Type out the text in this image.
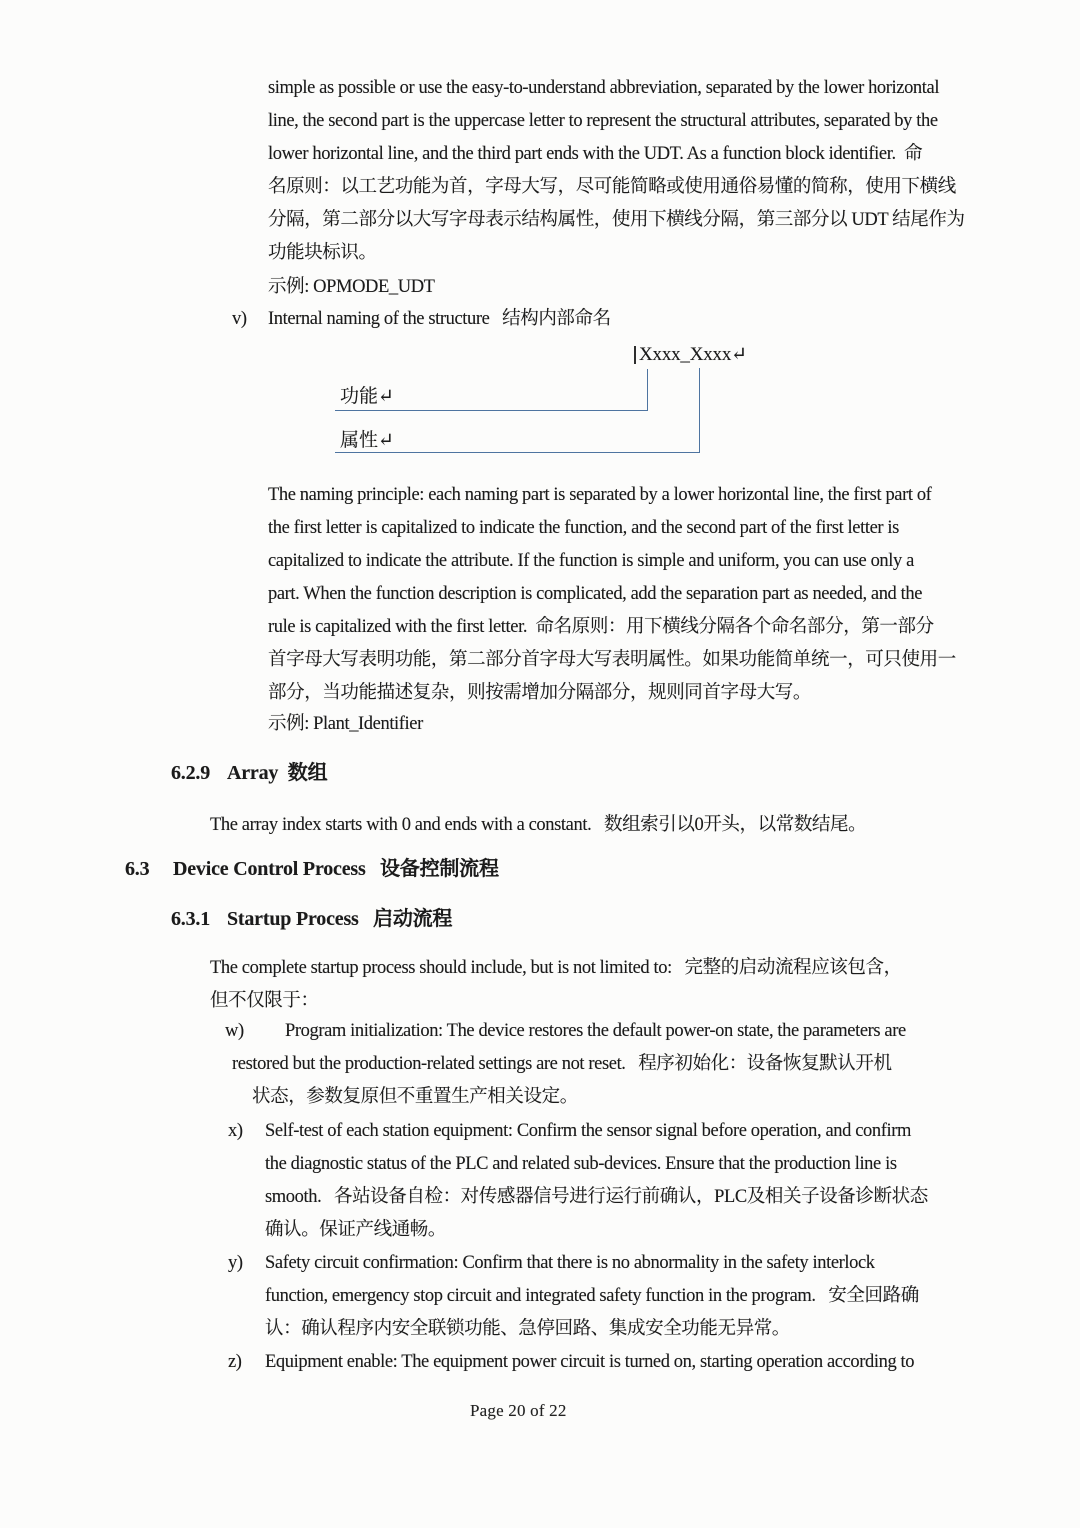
simple as possible or use the easy-to-understand abbreviation, separated by the lower horizontal
line, the second part is the uppercase letter to represent the structural attributes, separated by the
lower horizontal line, and the third part ends with the UDT. As a function block identifier.  命
名原则：以工艺功能为首，字母大写，尽可能简略或使用通俗易懂的简称，使用下横线
分隔，第二部分以大写字母表示结构属性，使用下横线分隔，第三部分以 UDT 结尾作为
功能块标识。
示例: OPMODE_UDT
v) Internal naming of the structure   结构内部命名
Xxxx_Xxxx↵
功能↵
属性↵
The naming principle: each naming part is separated by a lower horizontal line, the first part of
the first letter is capitalized to indicate the function, and the second part of the first letter is
capitalized to indicate the attribute. If the function is simple and uniform, you can use only a
part. When the function description is complicated, add the separation part as needed, and the
rule is capitalized with the first letter.  命名原则：用下横线分隔各个命名部分，第一部分
首字母大写表明功能，第二部分首字母大写表明属性。如果功能简单统一，可只使用一
部分，当功能描述复杂，则按需增加分隔部分，规则同首字母大写。
示例: Plant_Identifier
6.2.9 Array  数组
The array index starts with 0 and ends with a constant.   数组索引以0开头，以常数结尾。
6.3 Device Control Process   设备控制流程
6.3.1 Startup Process   启动流程
The complete startup process should include, but is not limited to:   完整的启动流程应该包含，
但不仅限于：
w) Program initialization: The device restores the default power-on state, the parameters are
restored but the production-related settings are not reset.   程序初始化：设备恢复默认开机
状态，参数复原但不重置生产相关设定。
x) Self-test of each station equipment: Confirm the sensor signal before operation, and confirm
the diagnostic status of the PLC and related sub-devices. Ensure that the production line is
smooth.   各站设备自检：对传感器信号进行运行前确认，PLC及相关子设备诊断状态
确认。保证产线通畅。
y) Safety circuit confirmation: Confirm that there is no abnormality in the safety interlock
function, emergency stop circuit and integrated safety function in the program.   安全回路确
认：确认程序内安全联锁功能、急停回路、集成安全功能无异常。
z) Equipment enable: The equipment power circuit is turned on, starting operation according to
Page 20 of 22
